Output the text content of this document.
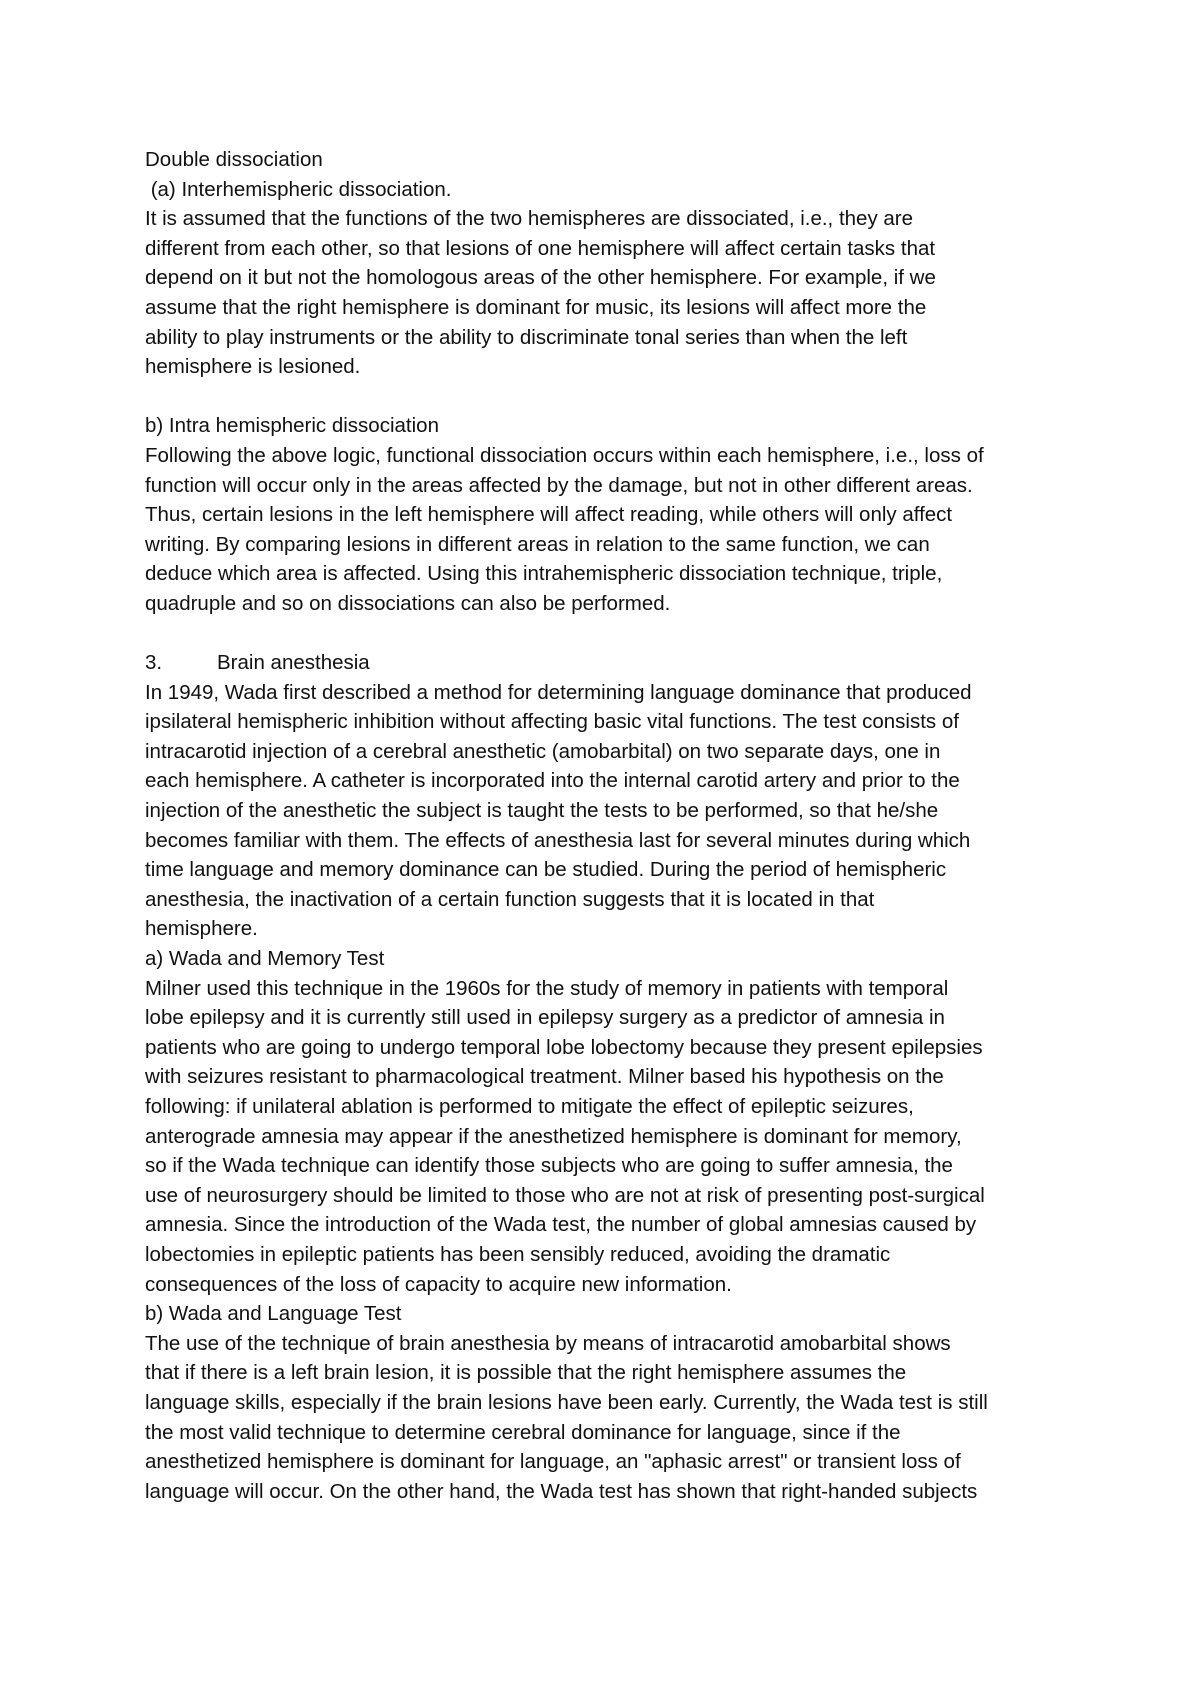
Double dissociation
(a) Interhemispheric dissociation.
It is assumed that the functions of the two hemispheres are dissociated, i.e., they are
different from each other, so that lesions of one hemisphere will affect certain tasks that
depend on it but not the homologous areas of the other hemisphere. For example, if we
assume that the right hemisphere is dominant for music, its lesions will affect more the
ability to play instruments or the ability to discriminate tonal series than when the left
hemisphere is lesioned.
b) Intra hemispheric dissociation
Following the above logic, functional dissociation occurs within each hemisphere, i.e., loss of
function will occur only in the areas affected by the damage, but not in other different areas.
Thus, certain lesions in the left hemisphere will affect reading, while others will only affect
writing. By comparing lesions in different areas in relation to the same function, we can
deduce which area is affected. Using this intrahemispheric dissociation technique, triple,
quadruple and so on dissociations can also be performed.
3.	Brain anesthesia
In 1949, Wada first described a method for determining language dominance that produced
ipsilateral hemispheric inhibition without affecting basic vital functions. The test consists of
intracarotid injection of a cerebral anesthetic (amobarbital) on two separate days, one in
each hemisphere. A catheter is incorporated into the internal carotid artery and prior to the
injection of the anesthetic the subject is taught the tests to be performed, so that he/she
becomes familiar with them. The effects of anesthesia last for several minutes during which
time language and memory dominance can be studied. During the period of hemispheric
anesthesia, the inactivation of a certain function suggests that it is located in that
hemisphere.
a) Wada and Memory Test
Milner used this technique in the 1960s for the study of memory in patients with temporal
lobe epilepsy and it is currently still used in epilepsy surgery as a predictor of amnesia in
patients who are going to undergo temporal lobe lobectomy because they present epilepsies
with seizures resistant to pharmacological treatment. Milner based his hypothesis on the
following: if unilateral ablation is performed to mitigate the effect of epileptic seizures,
anterograde amnesia may appear if the anesthetized hemisphere is dominant for memory,
so if the Wada technique can identify those subjects who are going to suffer amnesia, the
use of neurosurgery should be limited to those who are not at risk of presenting post-surgical
amnesia. Since the introduction of the Wada test, the number of global amnesias caused by
lobectomies in epileptic patients has been sensibly reduced, avoiding the dramatic
consequences of the loss of capacity to acquire new information.
b) Wada and Language Test
The use of the technique of brain anesthesia by means of intracarotid amobarbital shows
that if there is a left brain lesion, it is possible that the right hemisphere assumes the
language skills, especially if the brain lesions have been early. Currently, the Wada test is still
the most valid technique to determine cerebral dominance for language, since if the
anesthetized hemisphere is dominant for language, an "aphasic arrest" or transient loss of
language will occur. On the other hand, the Wada test has shown that right-handed subjects
